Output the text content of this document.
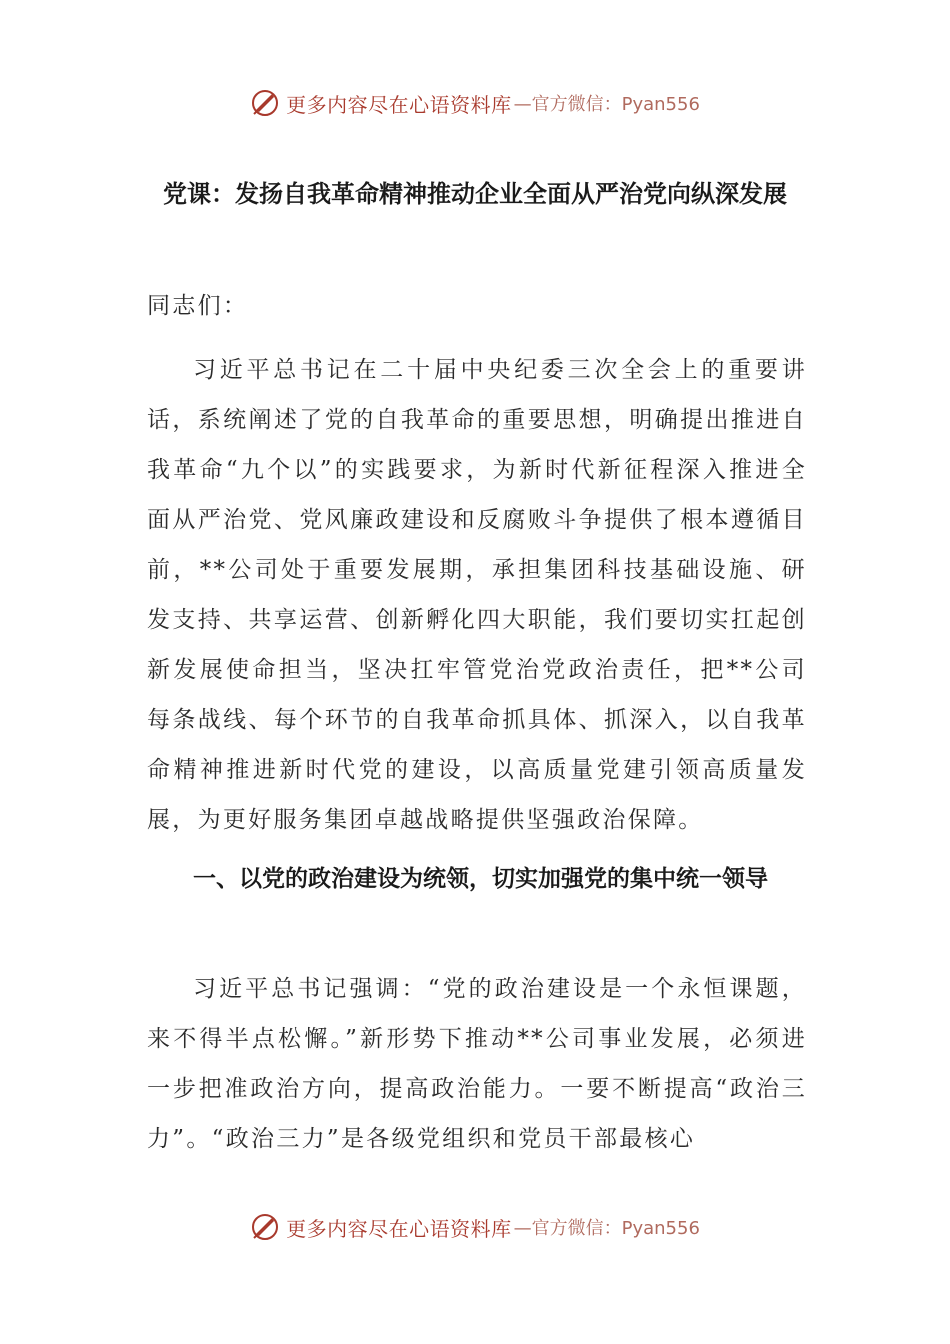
更多内容尽在心语资料库 —官方微信：Pyan556
党课：发扬自我革命精神推动企业全面从严治党向纵深发展
同志们：
习近平总书记在二十届中央纪委三次全会上的重要讲话，系统阐述了党的自我革命的重要思想，明确提出推进自我革命“九个以”的实践要求，为新时代新征程深入推进全面从严治党、党风廉政建设和反腐败斗争提供了根本遵循目前，**公司处于重要发展期，承担集团科技基础设施、研发支持、共享运营、创新孵化四大职能，我们要切实扛起创新发展使命担当，坚决扛牢管党治党政治责任，把**公司每条战线、每个环节的自我革命抓具体、抓深入，以自我革命精神推进新时代党的建设，以高质量党建引领高质量发展，为更好服务集团卓越战略提供坚强政治保障。
一、以党的政治建设为统领，切实加强党的集中统一领导
习近平总书记强调：“党的政治建设是一个永恒课题，来不得半点松懈。”新形势下推动**公司事业发展，必须进一步把准政治方向，提高政治能力。一要不断提高“政治三力”。“政治三力”是各级党组织和党员干部最核心
更多内容尽在心语资料库 —官方微信：Pyan556
